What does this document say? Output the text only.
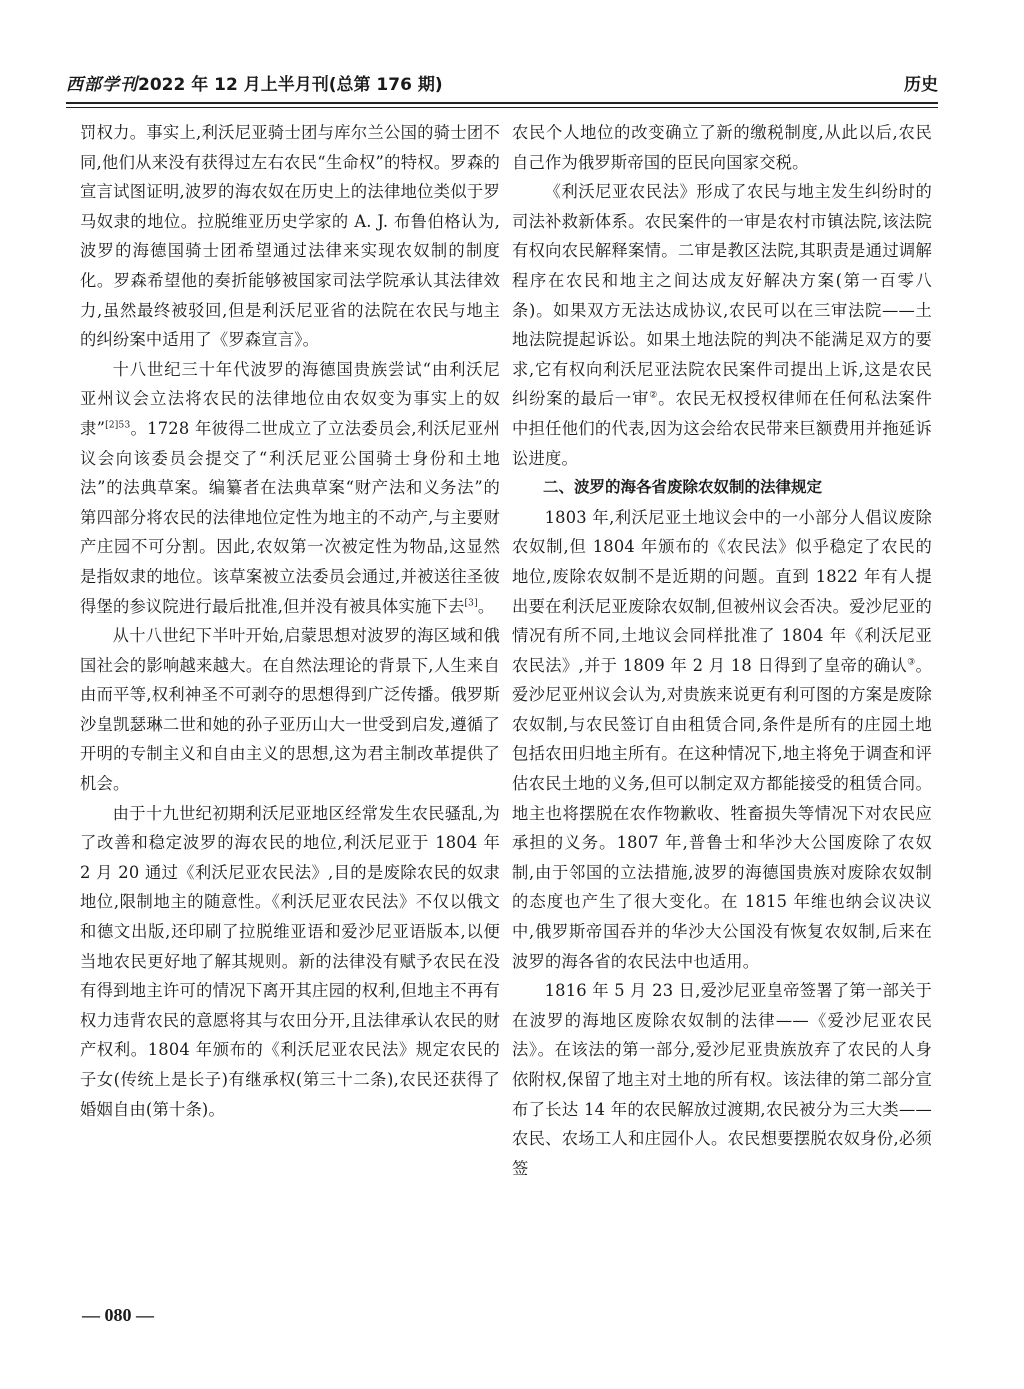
西部学刊2022 年 12 月上半月刊(总第 176 期)	历史

罚权力。事实上,利沃尼亚骑士团与库尔兰公国的骑士团不同,他们从来没有获得过左右农民“生命权”的特权。罗森的宣言试图证明,波罗的海农奴在历史上的法律地位类似于罗马奴隶的地位。拉脱维亚历史学家的 A. J. 布鲁伯格认为,波罗的海德国骑士团希望通过法律来实现农奴制的制度化。罗森希望他的奏折能够被国家司法学院承认其法律效力,虽然最终被驳回,但是利沃尼亚省的法院在农民与地主的纠纷案中适用了《罗森宣言》。

十八世纪三十年代波罗的海德国贵族尝试“由利沃尼亚州议会立法将农民的法律地位由农奴变为事实上的奴隶”$^{[2]53}$。1728 年彼得二世成立了立法委员会,利沃尼亚州议会向该委员会提交了“利沃尼亚公国骑士身份和土地法”的法典草案。编纂者在法典草案“财产法和义务法”的第四部分将农民的法律地位定性为地主的不动产,与主要财产庄园不可分割。因此,农奴第一次被定性为物品,这显然是指奴隶的地位。该草案被立法委员会通过,并被送往圣彼得堡的参议院进行最后批准,但并没有被具体实施下去[3]。

从十八世纪下半叶开始,启蒙思想对波罗的海区域和俄国社会的影响越来越大。在自然法理论的背景下,人生来自由而平等,权利神圣不可剥夺的思想得到广泛传播。俄罗斯沙皇凯瑟琳二世和她的孙子亚历山大一世受到启发,遵循了开明的专制主义和自由主义的思想,这为君主制改革提供了机会。

由于十九世纪初期利沃尼亚地区经常发生农民骚乱,为了改善和稳定波罗的海农民的地位,利沃尼亚于 1804 年 2 月 20 通过《利沃尼亚农民法》,目的是废除农民的奴隶地位,限制地主的随意性。《利沃尼亚农民法》不仅以俄文和德文出版,还印刷了拉脱维亚语和爱沙尼亚语版本,以便当地农民更好地了解其规则。新的法律没有赋予农民在没有得到地主许可的情况下离开其庄园的权利,但地主不再有权力违背农民的意愿将其与农田分开,且法律承认农民的财产权利。1804 年颁布的《利沃尼亚农民法》规定农民的子女(传统上是长子)有继承权(第三十二条),农民还获得了婚姻自由(第十条)。

农民个人地位的改变确立了新的缴税制度,从此以后,农民自己作为俄罗斯帝国的臣民向国家交税。

《利沃尼亚农民法》形成了农民与地主发生纠纷时的司法补救新体系。农民案件的一审是农村市镇法院,该法院有权向农民解释案情。二审是教区法院,其职责是通过调解程序在农民和地主之间达成友好解决方案(第一百零八条)。如果双方无法达成协议,农民可以在三审法院——土地法院提起诉讼。如果土地法院的判决不能满足双方的要求,它有权向利沃尼亚法院农民案件司提出上诉,这是农民纠纷案的最后一审②。农民无权授权律师在任何私法案件中担任他们的代表,因为这会给农民带来巨额费用并拖延诉讼进度。

二、波罗的海各省废除农奴制的法律规定

1803 年,利沃尼亚土地议会中的一小部分人倡议废除农奴制,但 1804 年颁布的《农民法》似乎稳定了农民的地位,废除农奴制不是近期的问题。直到 1822 年有人提出要在利沃尼亚废除农奴制,但被州议会否决。爱沙尼亚的情况有所不同,土地议会同样批准了 1804 年《利沃尼亚农民法》,并于 1809 年 2 月 18 日得到了皇帝的确认③。爱沙尼亚州议会认为,对贵族来说更有利可图的方案是废除农奴制,与农民签订自由租赁合同,条件是所有的庄园土地包括农田归地主所有。在这种情况下,地主将免于调查和评估农民土地的义务,但可以制定双方都能接受的租赁合同。地主也将摆脱在农作物歉收、牲畜损失等情况下对农民应承担的义务。1807 年,普鲁士和华沙大公国废除了农奴制,由于邻国的立法措施,波罗的海德国贵族对废除农奴制的态度也产生了很大变化。在 1815 年维也纳会议决议中,俄罗斯帝国吞并的华沙大公国没有恢复农奴制,后来在波罗的海各省的农民法中也适用。

1816 年 5 月 23 日,爱沙尼亚皇帝签署了第一部关于在波罗的海地区废除农奴制的法律——《爱沙尼亚农民法》。在该法的第一部分,爱沙尼亚贵族放弃了农民的人身依附权,保留了地主对土地的所有权。该法律的第二部分宣布了长达 14 年的农民解放过渡期,农民被分为三大类——农民、农场工人和庄园仆人。农民想要摆脱农奴身份,必须签

— 080 —
